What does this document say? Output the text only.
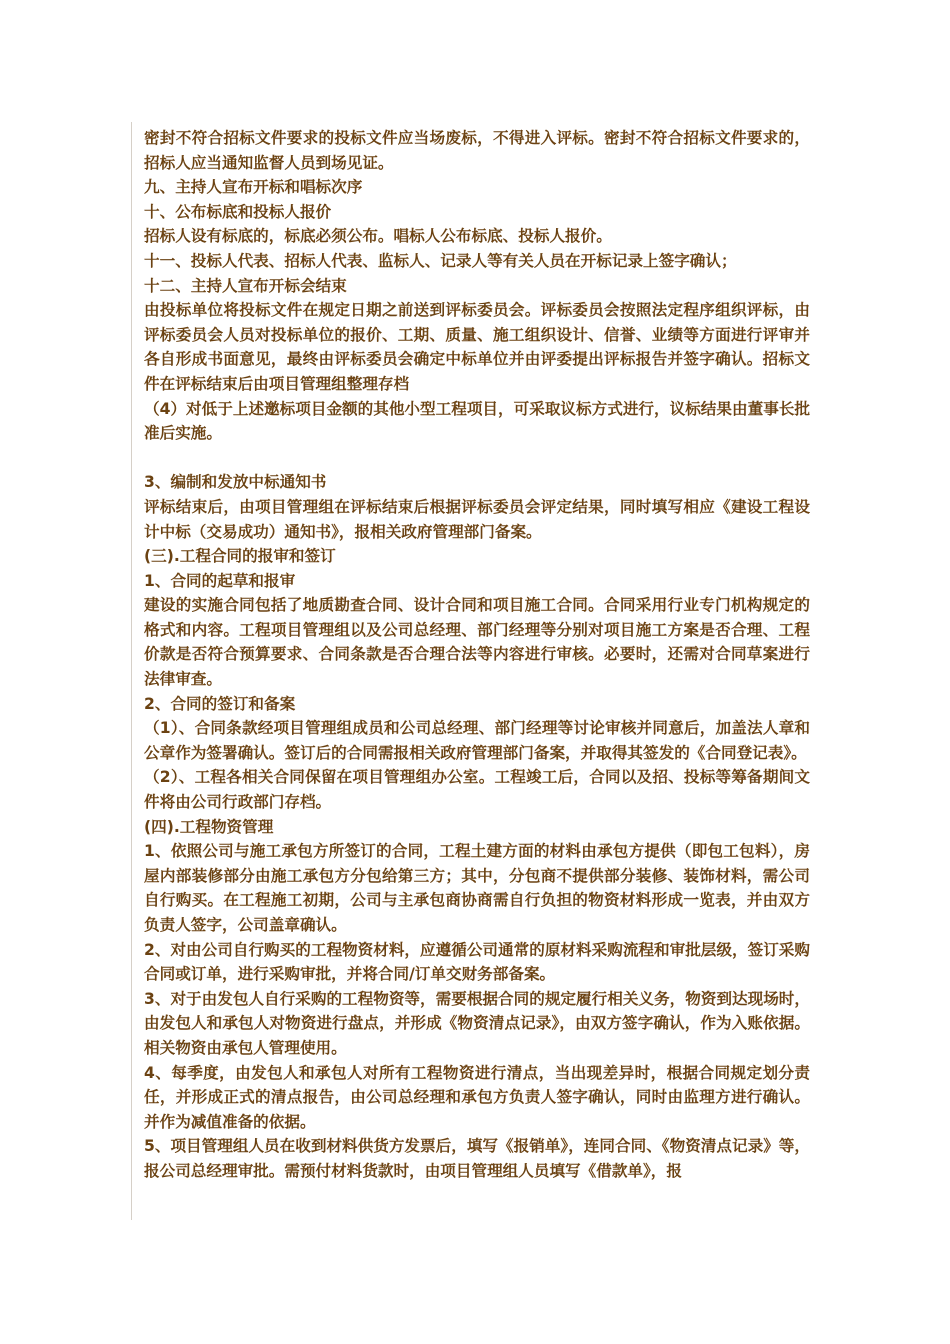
密封不符合招标文件要求的投标文件应当场废标，不得进入评标。密封不符合招标文件要求的，招标人应当通知监督人员到场见证。

九、主持人宣布开标和唱标次序

十、公布标底和投标人报价

招标人设有标底的，标底必须公布。唱标人公布标底、投标人报价。

十一、投标人代表、招标人代表、监标人、记录人等有关人员在开标记录上签字确认；

十二、主持人宣布开标会结束

由投标单位将投标文件在规定日期之前送到评标委员会。评标委员会按照法定程序组织评标，由评标委员会人员对投标单位的报价、工期、质量、施工组织设计、信誉、业绩等方面进行评审并各自形成书面意见，最终由评标委员会确定中标单位并由评委提出评标报告并签字确认。招标文件在评标结束后由项目管理组整理存档

（4）对低于上述邀标项目金额的其他小型工程项目，可采取议标方式进行，议标结果由董事长批准后实施。

3、编制和发放中标通知书

评标结束后，由项目管理组在评标结束后根据评标委员会评定结果，同时填写相应《建设工程设计中标（交易成功）通知书》，报相关政府管理部门备案。

(三).工程合同的报审和签订

1、合同的起草和报审

建设的实施合同包括了地质勘查合同、设计合同和项目施工合同。合同采用行业专门机构规定的格式和内容。工程项目管理组以及公司总经理、部门经理等分别对项目施工方案是否合理、工程价款是否符合预算要求、合同条款是否合理合法等内容进行审核。必要时，还需对合同草案进行法律审查。

2、合同的签订和备案

（1）、合同条款经项目管理组成员和公司总经理、部门经理等讨论审核并同意后，加盖法人章和公章作为签署确认。签订后的合同需报相关政府管理部门备案，并取得其签发的《合同登记表》。

（2）、工程各相关合同保留在项目管理组办公室。工程竣工后，合同以及招、投标等筹备期间文件将由公司行政部门存档。

(四).工程物资管理

1、依照公司与施工承包方所签订的合同，工程土建方面的材料由承包方提供（即包工包料），房屋内部装修部分由施工承包方分包给第三方；其中，分包商不提供部分装修、装饰材料，需公司自行购买。在工程施工初期，公司与主承包商协商需自行负担的物资材料形成一览表，并由双方负责人签字，公司盖章确认。

2、对由公司自行购买的工程物资材料，应遵循公司通常的原材料采购流程和审批层级，签订采购合同或订单，进行采购审批，并将合同/订单交财务部备案。

3、对于由发包人自行采购的工程物资等，需要根据合同的规定履行相关义务，物资到达现场时，由发包人和承包人对物资进行盘点，并形成《物资清点记录》，由双方签字确认，作为入账依据。相关物资由承包人管理使用。

4、每季度，由发包人和承包人对所有工程物资进行清点，当出现差异时，根据合同规定划分责任，并形成正式的清点报告，由公司总经理和承包方负责人签字确认，同时由监理方进行确认。并作为减值准备的依据。

5、项目管理组人员在收到材料供货方发票后，填写《报销单》，连同合同、《物资清点记录》等，报公司总经理审批。需预付材料货款时，由项目管理组人员填写《借款单》，报
